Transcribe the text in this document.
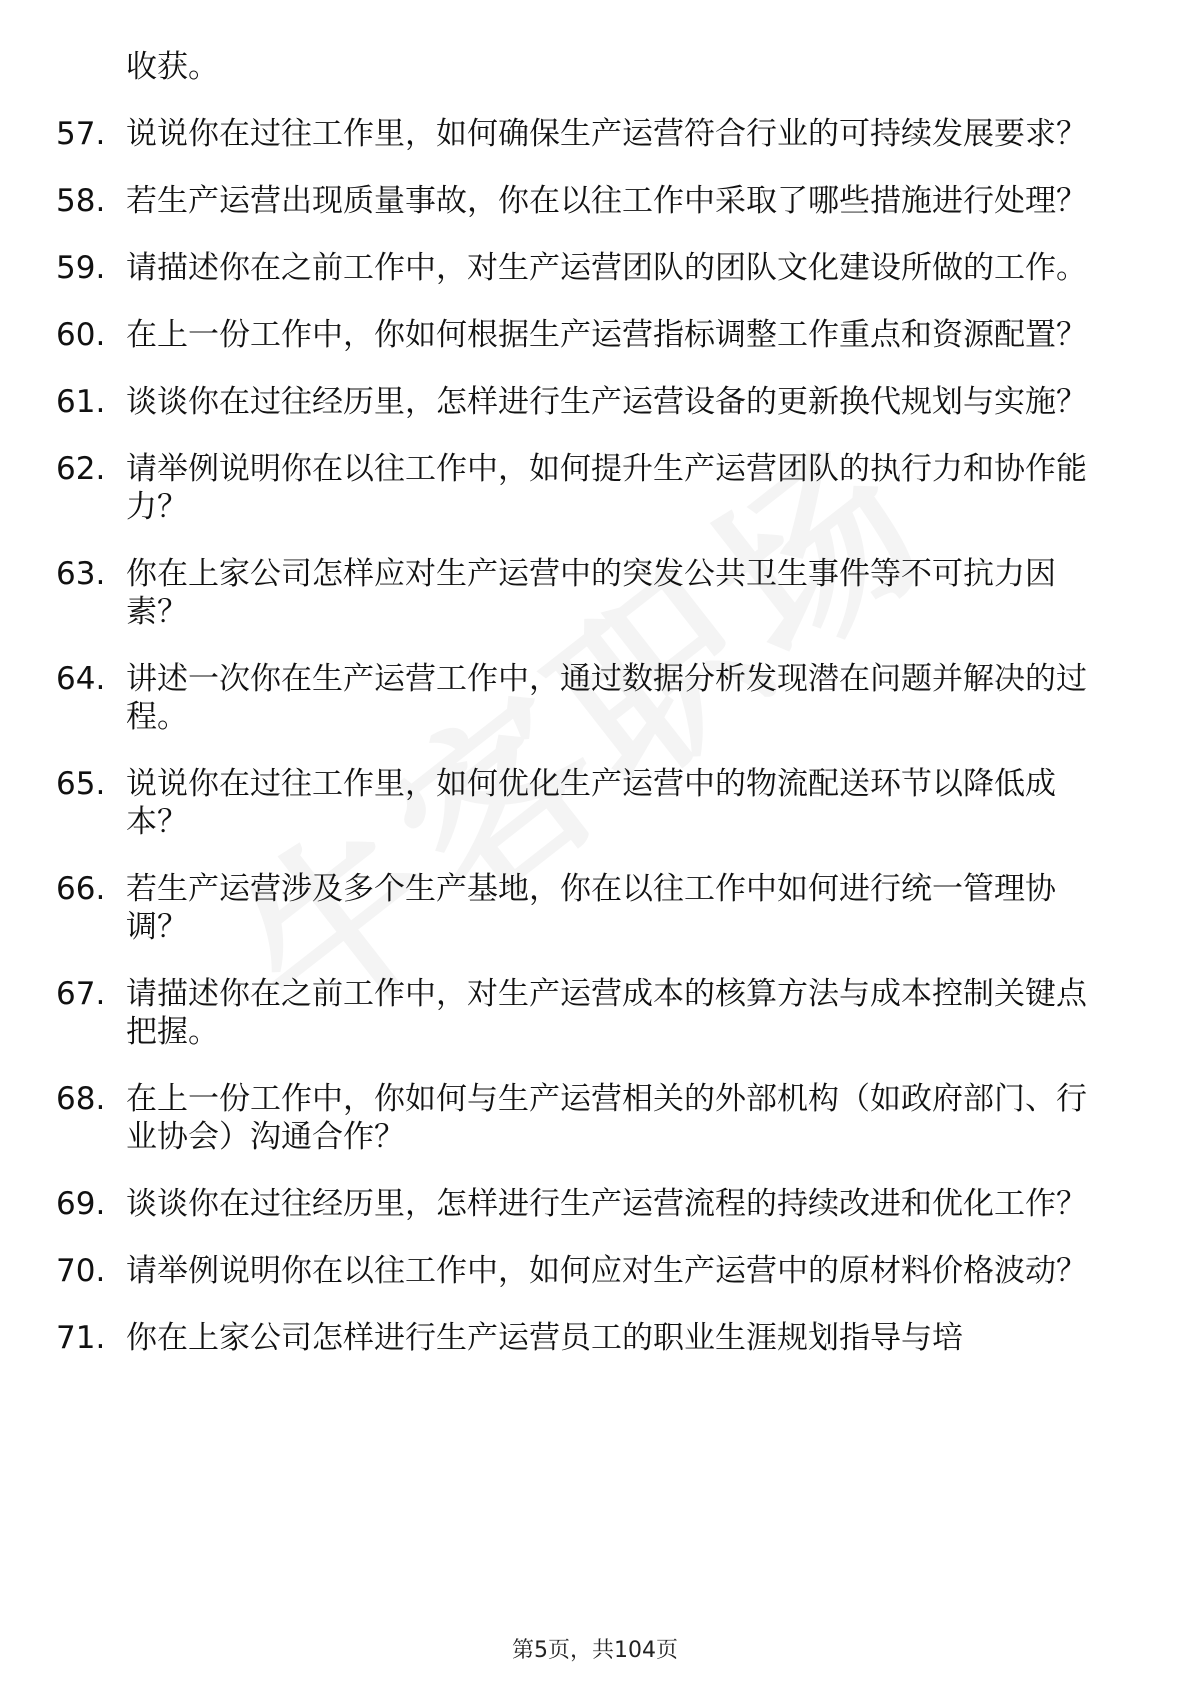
收获。
57. 说说你在过往工作里，如何确保生产运营符合行业的可持续发展要求？
58. 若生产运营出现质量事故，你在以往工作中采取了哪些措施进行处理？
59. 请描述你在之前工作中，对生产运营团队的团队文化建设所做的工作。
60. 在上一份工作中，你如何根据生产运营指标调整工作重点和资源配置？
61. 谈谈你在过往经历里，怎样进行生产运营设备的更新换代规划与实施？
62. 请举例说明你在以往工作中，如何提升生产运营团队的执行力和协作能力？
63. 你在上家公司怎样应对生产运营中的突发公共卫生事件等不可抗力因素？
64. 讲述一次你在生产运营工作中，通过数据分析发现潜在问题并解决的过程。
65. 说说你在过往工作里，如何优化生产运营中的物流配送环节以降低成本？
66. 若生产运营涉及多个生产基地，你在以往工作中如何进行统一管理协调？
67. 请描述你在之前工作中，对生产运营成本的核算方法与成本控制关键点把握。
68. 在上一份工作中，你如何与生产运营相关的外部机构（如政府部门、行业协会）沟通合作？
69. 谈谈你在过往经历里，怎样进行生产运营流程的持续改进和优化工作？
70. 请举例说明你在以往工作中，如何应对生产运营中的原材料价格波动？
71. 你在上家公司怎样进行生产运营员工的职业生涯规划指导与培
第5页，共104页
